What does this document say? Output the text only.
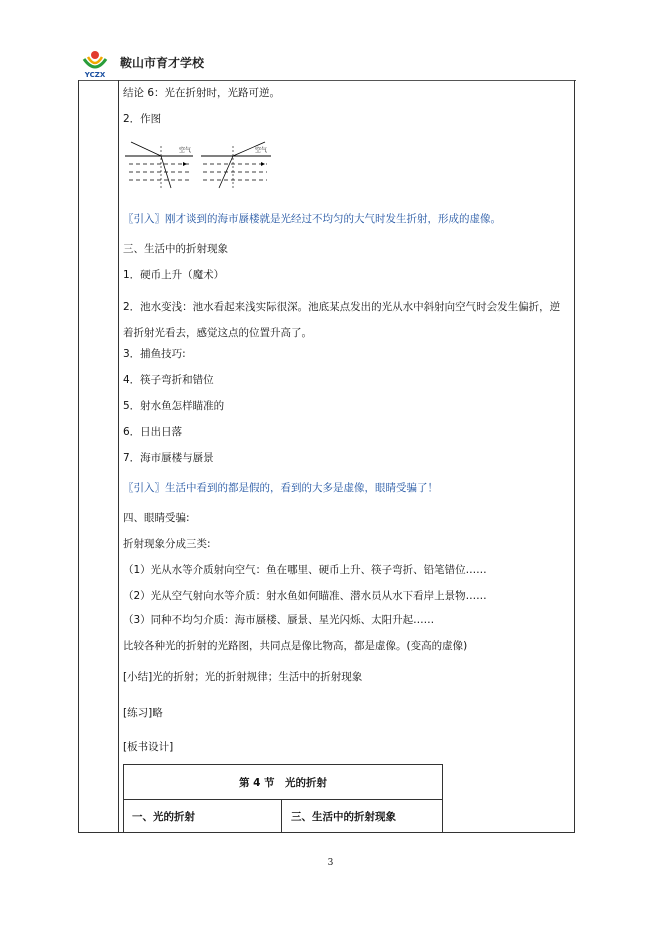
YCZX
鞍山市育才学校
结论 6：光在折射时，光路可逆。
2．作图
空气	空气
〖引入〗刚才谈到的海市蜃楼就是光经过不均匀的大气时发生折射，形成的虚像。
三、生活中的折射现象
1．硬币上升（魔术）
2．池水变浅：池水看起来浅实际很深。池底某点发出的光从水中斜射向空气时会发生偏折，逆着折射光看去，感觉这点的位置升高了。
3．捕鱼技巧:
4．筷子弯折和错位
5．射水鱼怎样瞄准的
6．日出日落
7．海市蜃楼与蜃景
〖引入〗生活中看到的都是假的，看到的大多是虚像，眼睛受骗了！
四、眼睛受骗:
折射现象分成三类:
（1）光从水等介质射向空气：鱼在哪里、硬币上升、筷子弯折、铅笔错位……
（2）光从空气射向水等介质：射水鱼如何瞄准、潜水员从水下看岸上景物……
（3）同种不均匀介质：海市蜃楼、蜃景、星光闪烁、太阳升起……
比较各种光的折射的光路图，共同点是像比物高，都是虚像。(变高的虚像)
[小结]光的折射；光的折射规律；生活中的折射现象
[练习]略
[板书设计]
第 4 节　光的折射
一、光的折射	三、生活中的折射现象
3
